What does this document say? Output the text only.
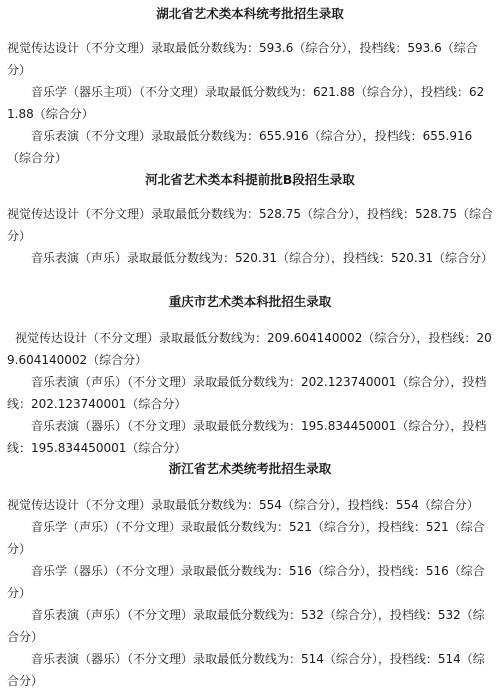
湖北省艺术类本科统考批招生录取

视觉传达设计（不分文理）录取最低分数线为：593.6（综合分），投档线：593.6（综合分）

音乐学（器乐主项）（不分文理）录取最低分数线为：621.88（综合分），投档线：621.88（综合分）

音乐表演（不分文理）录取最低分数线为：655.916（综合分），投档线：655.916（综合分）

河北省艺术类本科提前批B段招生录取

视觉传达设计（不分文理）录取最低分数线为：528.75（综合分），投档线：528.75（综合分）

音乐表演（声乐）录取最低分数线为：520.31（综合分），投档线：520.31（综合分）

重庆市艺术类本科批招生录取

视觉传达设计（不分文理）录取最低分数线为：209.604140002（综合分），投档线：209.604140002（综合分）

音乐表演（声乐）（不分文理）录取最低分数线为：202.123740001（综合分），投档线：202.123740001（综合分）

音乐表演（器乐）（不分文理）录取最低分数线为：195.834450001（综合分），投档线：195.834450001（综合分）

浙江省艺术类统考批招生录取

视觉传达设计（不分文理）录取最低分数线为：554（综合分），投档线：554（综合分）

音乐学（声乐）（不分文理）录取最低分数线为：521（综合分），投档线：521（综合分）

音乐学（器乐）（不分文理）录取最低分数线为：516（综合分），投档线：516（综合分）

音乐表演（声乐）（不分文理）录取最低分数线为：532（综合分），投档线：532（综合分）

音乐表演（器乐）（不分文理）录取最低分数线为：514（综合分），投档线：514（综合分）
